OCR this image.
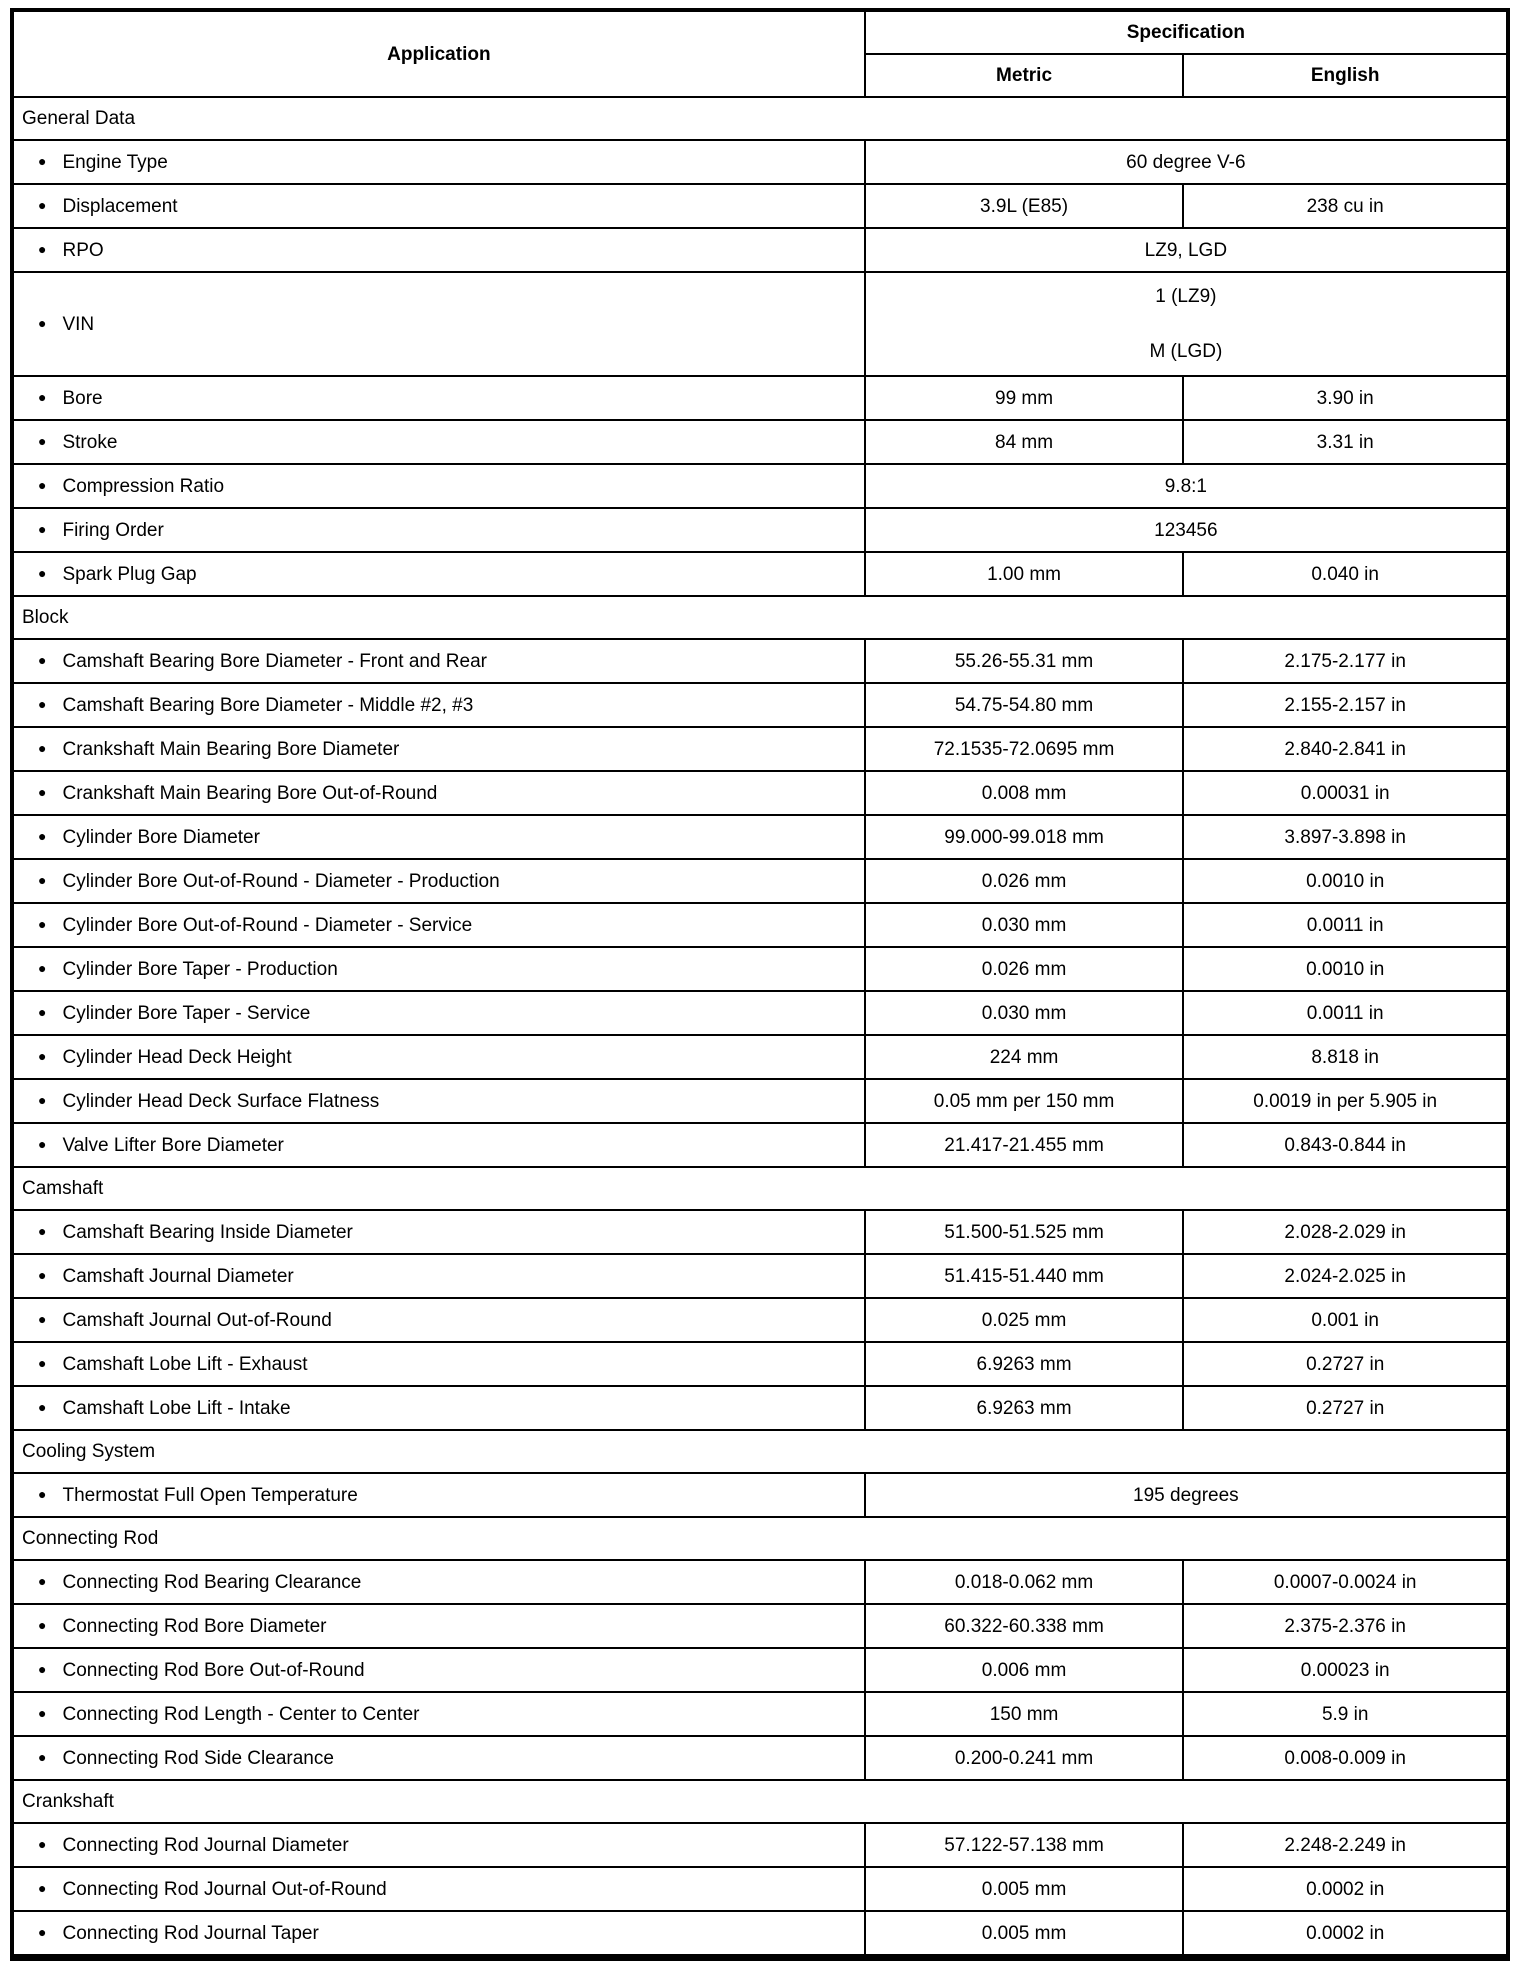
Application	Specification	
	Metric	English
General Data		
● Engine Type	60 degree V-6	
● Displacement	3.9L (E85)	238 cu in
● RPO	LZ9, LGD	
● VIN	1 (LZ9)
M (LGD)	

● Bore	99 mm	3.90 in
● Stroke	84 mm	3.31 in
● Compression Ratio	9.8:1	
● Firing Order	123456	
● Spark Plug Gap	1.00 mm	0.040 in
Block		
● Camshaft Bearing Bore Diameter - Front and Rear	55.26-55.31 mm	2.175-2.177 in
● Camshaft Bearing Bore Diameter - Middle #2, #3	54.75-54.80 mm	2.155-2.157 in
● Crankshaft Main Bearing Bore Diameter	72.1535-72.0695 mm	2.840-2.841 in
● Crankshaft Main Bearing Bore Out-of-Round	0.008 mm	0.00031 in
● Cylinder Bore Diameter	99.000-99.018 mm	3.897-3.898 in
● Cylinder Bore Out-of-Round - Diameter - Production	0.026 mm	0.0010 in
● Cylinder Bore Out-of-Round - Diameter - Service	0.030 mm	0.0011 in
● Cylinder Bore Taper - Production	0.026 mm	0.0010 in
● Cylinder Bore Taper - Service	0.030 mm	0.0011 in
● Cylinder Head Deck Height	224 mm	8.818 in
● Cylinder Head Deck Surface Flatness	0.05 mm per 150 mm	0.0019 in per 5.905 in
● Valve Lifter Bore Diameter	21.417-21.455 mm	0.843-0.844 in
Camshaft		
● Camshaft Bearing Inside Diameter	51.500-51.525 mm	2.028-2.029 in
● Camshaft Journal Diameter	51.415-51.440 mm	2.024-2.025 in
● Camshaft Journal Out-of-Round	0.025 mm	0.001 in
● Camshaft Lobe Lift - Exhaust	6.9263 mm	0.2727 in
● Camshaft Lobe Lift - Intake	6.9263 mm	0.2727 in
Cooling System		
● Thermostat Full Open Temperature	195 degrees	
Connecting Rod		
● Connecting Rod Bearing Clearance	0.018-0.062 mm	0.0007-0.0024 in
● Connecting Rod Bore Diameter	60.322-60.338 mm	2.375-2.376 in
● Connecting Rod Bore Out-of-Round	0.006 mm	0.00023 in
● Connecting Rod Length - Center to Center	150 mm	5.9 in
● Connecting Rod Side Clearance	0.200-0.241 mm	0.008-0.009 in
Crankshaft		
● Connecting Rod Journal Diameter	57.122-57.138 mm	2.248-2.249 in
● Connecting Rod Journal Out-of-Round	0.005 mm	0.0002 in
● Connecting Rod Journal Taper	0.005 mm	0.0002 in
